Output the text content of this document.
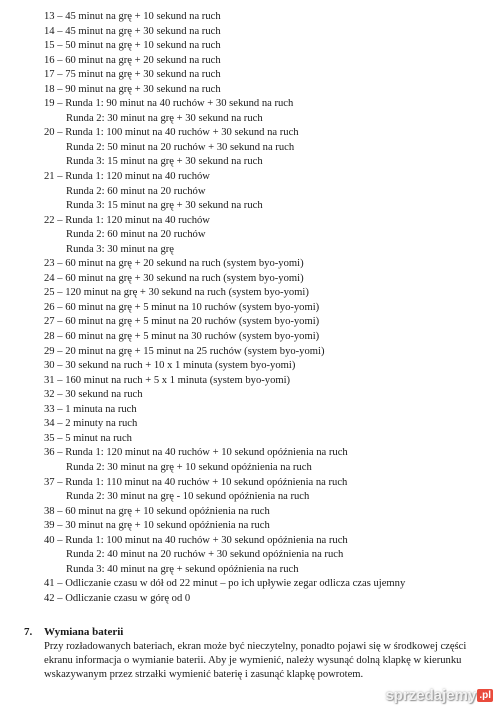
13 – 45 minut na grę + 10 sekund na ruch
14 – 45 minut na grę + 30 sekund na ruch
15 – 50 minut na grę + 10 sekund na ruch
16 – 60 minut na grę + 20 sekund na ruch
17 – 75 minut na grę + 30 sekund na ruch
18 – 90 minut na grę + 30 sekund na ruch
19 – Runda 1: 90 minut na 40 ruchów + 30 sekund na ruch
Runda 2: 30 minut na grę + 30 sekund na ruch
20 – Runda 1: 100 minut na 40 ruchów + 30 sekund na ruch
Runda 2: 50 minut na 20 ruchów + 30 sekund na ruch
Runda 3: 15 minut na grę + 30 sekund na ruch
21 – Runda 1: 120 minut na 40 ruchów
Runda 2: 60 minut na 20 ruchów
Runda 3: 15 minut na grę + 30 sekund na ruch
22 – Runda 1: 120 minut na 40 ruchów
Runda 2: 60 minut na 20 ruchów
Runda 3: 30 minut na grę
23 – 60 minut na grę + 20 sekund na ruch (system byo-yomi)
24 – 60 minut na grę + 30 sekund na ruch (system byo-yomi)
25 – 120 minut na grę + 30 sekund na ruch (system byo-yomi)
26 – 60 minut na grę + 5 minut na 10 ruchów (system byo-yomi)
27 – 60 minut na grę + 5 minut na 20 ruchów (system byo-yomi)
28 – 60 minut na grę + 5 minut na 30 ruchów (system byo-yomi)
29 – 20 minut na grę + 15 minut na 25 ruchów (system byo-yomi)
30 – 30 sekund na ruch + 10 x 1 minuta (system byo-yomi)
31 – 160 minut na ruch + 5 x 1 minuta (system byo-yomi)
32 – 30 sekund na ruch
33 – 1 minuta na ruch
34 – 2 minuty na ruch
35 – 5 minut na ruch
36 – Runda 1: 120 minut na 40 ruchów + 10 sekund opóźnienia na ruch
Runda 2: 30 minut na grę + 10 sekund opóźnienia na ruch
37 – Runda 1: 110 minut na 40 ruchów + 10 sekund opóźnienia na ruch
Runda 2: 30 minut na grę - 10 sekund opóźnienia na ruch
38 – 60 minut na grę + 10 sekund opóźnienia na ruch
39 – 30 minut na grę + 10 sekund opóźnienia na ruch
40 – Runda 1: 100 minut na 40 ruchów + 30 sekund opóźnienia na ruch
Runda 2: 40 minut na 20 ruchów + 30 sekund opóźnienia na ruch
Runda 3: 40 minut na grę + sekund opóźnienia na ruch
41 – Odliczanie czasu w dół od 22 minut – po ich upływie zegar odlicza czas ujemny
42 – Odliczanie czasu w górę od 0
7. Wymiana baterii
Przy rozładowanych bateriach, ekran może być nieczytelny, ponadto pojawi się w środkowej części ekranu informacja o wymianie baterii. Aby je wymienić, należy wysunąć dolną klapkę w kierunku wskazywanym przez strzałki wymienić baterię i zasunąć klapkę powrotem.
sprzedajemy .pl
